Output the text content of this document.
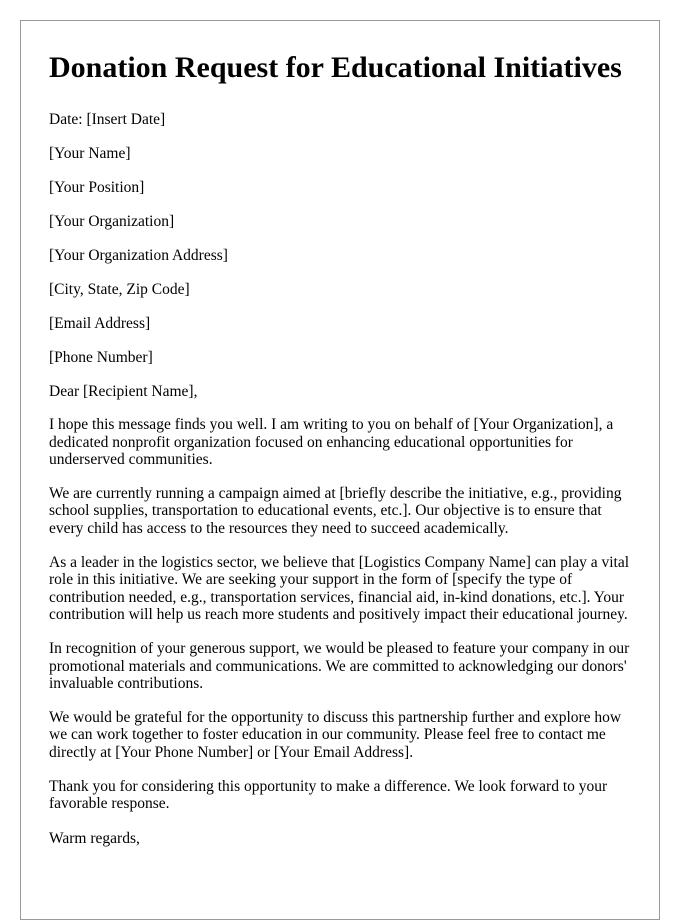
Donation Request for Educational Initiatives
Date: [Insert Date]
[Your Name]
[Your Position]
[Your Organization]
[Your Organization Address]
[City, State, Zip Code]
[Email Address]
[Phone Number]
Dear [Recipient Name],

I hope this message finds you well. I am writing to you on behalf of [Your Organization], a dedicated nonprofit organization focused on enhancing educational opportunities for underserved communities.

We are currently running a campaign aimed at [briefly describe the initiative, e.g., providing school supplies, transportation to educational events, etc.]. Our objective is to ensure that every child has access to the resources they need to succeed academically.

As a leader in the logistics sector, we believe that [Logistics Company Name] can play a vital role in this initiative. We are seeking your support in the form of [specify the type of contribution needed, e.g., transportation services, financial aid, in-kind donations, etc.]. Your contribution will help us reach more students and positively impact their educational journey.

In recognition of your generous support, we would be pleased to feature your company in our promotional materials and communications. We are committed to acknowledging our donors' invaluable contributions.

We would be grateful for the opportunity to discuss this partnership further and explore how we can work together to foster education in our community. Please feel free to contact me directly at [Your Phone Number] or [Your Email Address].

Thank you for considering this opportunity to make a difference. We look forward to your favorable response.

Warm regards,
